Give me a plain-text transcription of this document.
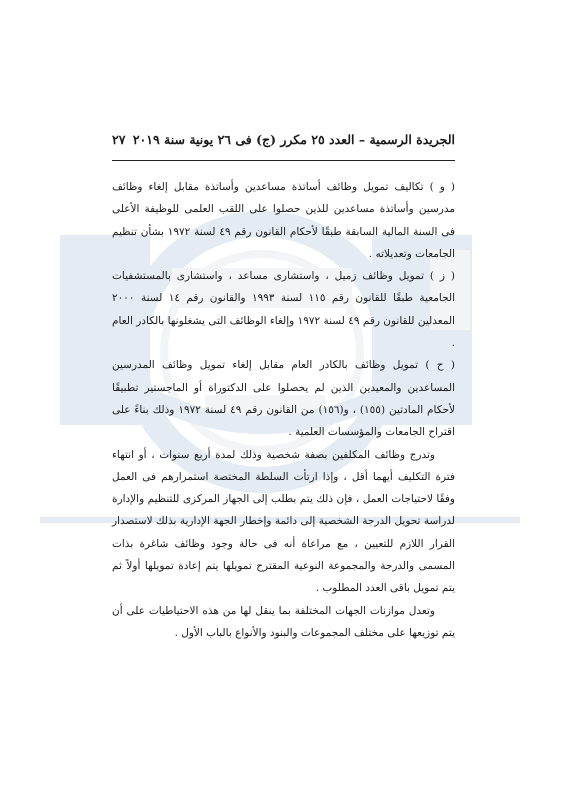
الجريدة الرسمية – العدد ٢٥ مكرر (ج) فى ٢٦ يونية سنة ٢٠١٩
٢٧

( و ) تكاليف تمويل وظائف أساتذة مساعدين وأساتذة مقابل إلغاء وظائف مدرسين وأساتذة مساعدين للذين حصلوا على اللقب العلمى للوظيفة الأعلى فى السنة المالية السابقة طبقًا لأحكام القانون رقم ٤٩ لسنة ١٩٧٢ بشأن تنظيم الجامعات وتعديلاته .

( ز ) تمويل وظائف زميل ، واستشارى مساعد ، واستشارى بالمستشفيات الجامعية طبقًا للقانون رقم ١١٥ لسنة ١٩٩٣ والقانون رقم ١٤ لسنة ٢٠٠٠ المعدلين للقانون رقم ٤٩ لسنة ١٩٧٢ وإلغاء الوظائف التى يشغلونها بالكادر العام .

( ح ) تمويل وظائف بالكادر العام مقابل إلغاء تمويل وظائف المدرسين المساعدين والمعيدين الذين لم يحصلوا على الدكتوراة أو الماجستير تطبيقًا لأحكام المادتين (١٥٥) ، و(١٥٦) من القانون رقم ٤٩ لسنة ١٩٧٢ وذلك بناءً على اقتراح الجامعات والمؤسسات العلمية .

وتدرج وظائف المكلفين بصفة شخصية وذلك لمدة أربع سنوات ، أو انتهاء فترة التكليف أيهما أقل ، وإذا ارتأت السلطة المختصة استمرارهم فى العمل وفقًا لاحتياجات العمل ، فإن ذلك يتم بطلب إلى الجهاز المركزى للتنظيم والإدارة لدراسة تحويل الدرجة الشخصية إلى دائمة وإخطار الجهة الإدارية بذلك لاستصدار القرار اللازم للتعيين ، مع مراعاة أنه فى حالة وجود وظائف شاغرة بذات المسمى والدرجة والمجموعة النوعية المقترح تمويلها يتم إعادة تمويلها أولاً ثم يتم تمويل باقى العدد المطلوب .

وتعدل موازنات الجهات المختلفة بما ينقل لها من هذه الاحتياطيات على أن يتم توزيعها على مختلف المجموعات والبنود والأنواع بالباب الأول .
